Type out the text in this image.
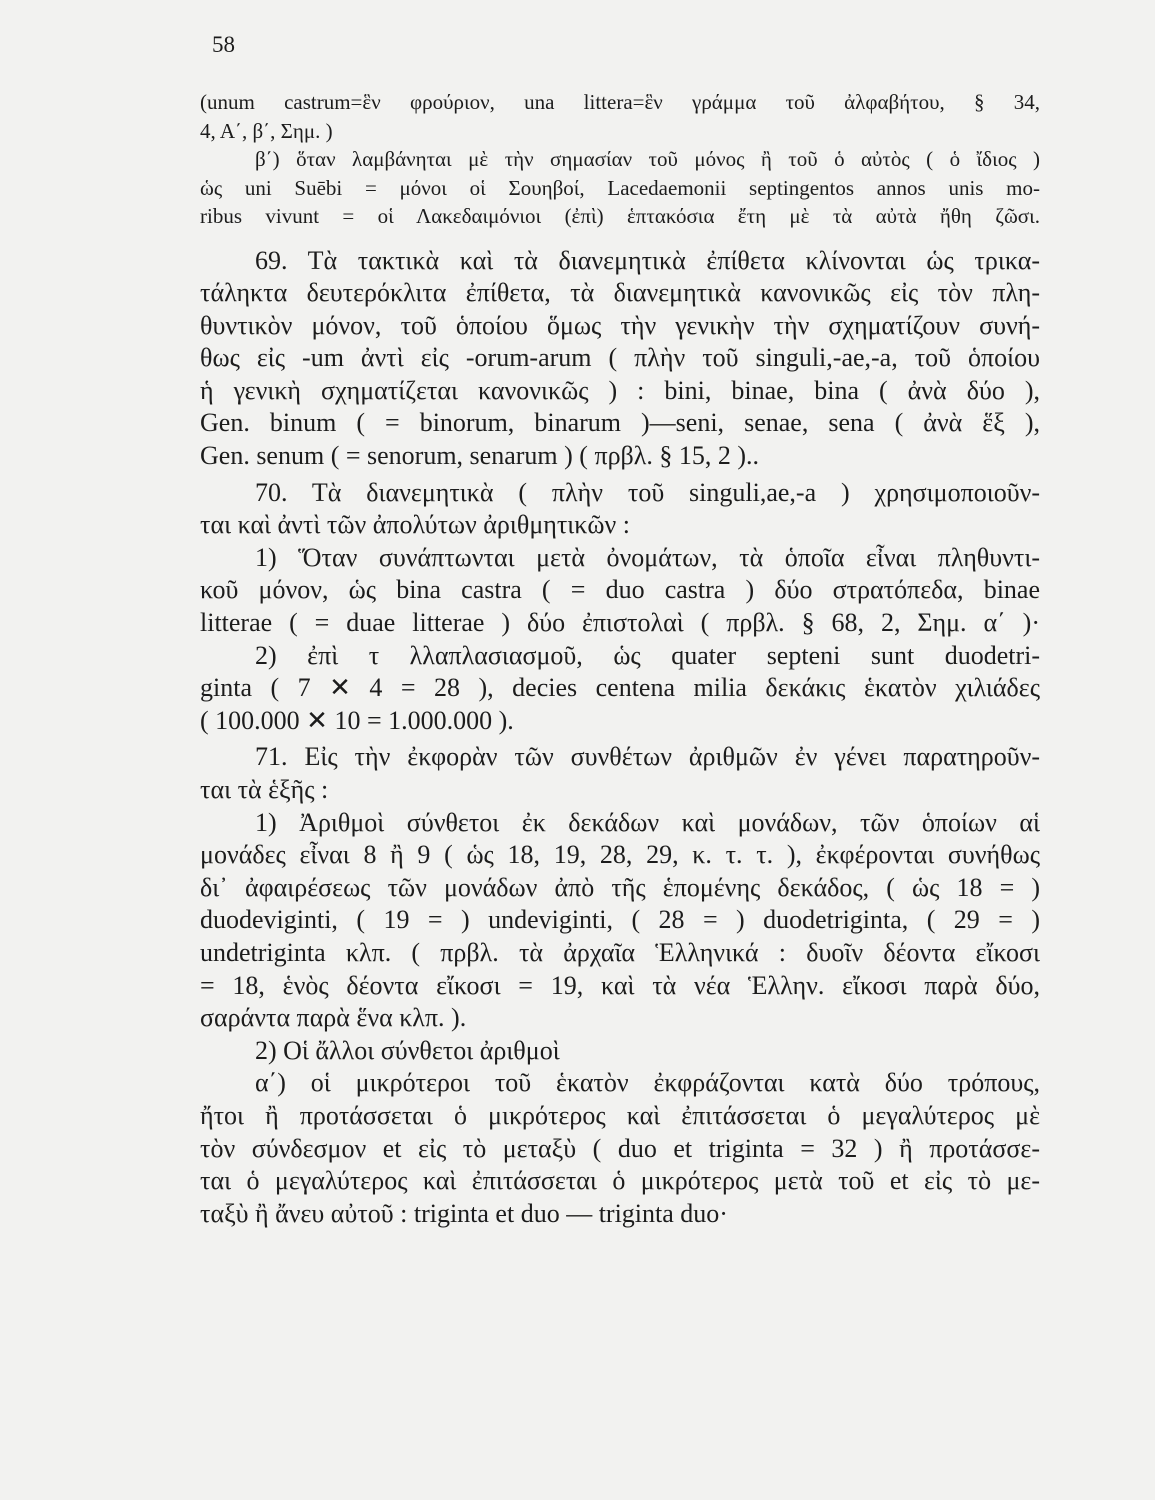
58
(unum castrum=ἓν φρούριον, una littera=ἓν γράμμα τοῦ ἀλφαβήτου, § 34,
4, Α΄, β΄, Σημ. )
β΄) ὅταν λαμβάνηται μὲ τὴν σημασίαν τοῦ μόνος ἢ τοῦ ὁ αὐτὸς ( ὁ ἴδιος )
ὡς uni Suēbi = μόνοι οἱ Σουηβοί, Lacedaemonii septingentos annos unis mo-
ribus vivunt = οἱ Λακεδαιμόνιοι (ἐπὶ) ἑπτακόσια ἔτη μὲ τὰ αὐτὰ ἤθη ζῶσι.
69. Τὰ τακτικὰ καὶ τὰ διανεμητικὰ ἐπίθετα κλίνονται ὡς τρικα-
τάληκτα δευτερόκλιτα ἐπίθετα, τὰ διανεμητικὰ κανονικῶς εἰς τὸν πλη-
θυντικὸν μόνον, τοῦ ὁποίου ὅμως τὴν γενικὴν τὴν σχηματίζουν συνή-
θως εἰς -um ἀντὶ εἰς -orum-arum ( πλὴν τοῦ singuli,-ae,-a, τοῦ ὁποίου
ἡ γενικὴ σχηματίζεται κανονικῶς ) : bini, binae, bina ( ἀνὰ δύο ),
Gen. binum ( = binorum, binarum )—seni, senae, sena ( ἀνὰ ἕξ ),
Gen. senum ( = senorum, senarum ) ( πρβλ. § 15, 2 )..
70. Τὰ διανεμητικὰ ( πλὴν τοῦ singuli,ae,-a ) χρησιμοποιοῦν-
ται καὶ ἀντὶ τῶν ἀπολύτων ἀριθμητικῶν :
1) Ὅταν συνάπτωνται μετὰ ὀνομάτων, τὰ ὁποῖα εἶναι πληθυντι-
κοῦ μόνον, ὡς bina castra ( = duo castra ) δύο στρατόπεδα, binae
litterae ( = duae litterae ) δύο ἐπιστολαὶ ( πρβλ. § 68, 2, Σημ. α΄ )·
2) ἐπὶ τ λλαπλασιασμοῦ, ὡς quater septeni sunt duodetri-
ginta ( 7 ✕ 4 = 28 ), decies centena milia δεκάκις ἑκατὸν χιλιάδες
( 100.000 ✕ 10 = 1.000.000 ).
71. Εἰς τὴν ἐκφορὰν τῶν συνθέτων ἀριθμῶν ἐν γένει παρατηροῦν-
ται τὰ ἑξῆς :
1) Ἀριθμοὶ σύνθετοι ἐκ δεκάδων καὶ μονάδων, τῶν ὁποίων αἱ
μονάδες εἶναι 8 ἢ 9 ( ὡς 18, 19, 28, 29, κ. τ. τ. ), ἐκφέρονται συνήθως
δι᾽ ἀφαιρέσεως τῶν μονάδων ἀπὸ τῆς ἑπομένης δεκάδος, ( ὡς 18 = )
duodeviginti, ( 19 = ) undeviginti, ( 28 = ) duodetriginta, ( 29 = )
undetriginta κλπ. ( πρβλ. τὰ ἀρχαῖα Ἑλληνικά : δυοῖν δέοντα εἴκοσι
= 18, ἑνὸς δέοντα εἴκοσι = 19, καὶ τὰ νέα Ἑλλην. εἴκοσι παρὰ δύο,
σαράντα παρὰ ἕνα κλπ. ).
2) Οἱ ἄλλοι σύνθετοι ἀριθμοὶ
α΄) οἱ μικρότεροι τοῦ ἑκατὸν ἐκφράζονται κατὰ δύο τρόπους,
ἤτοι ἢ προτάσσεται ὁ μικρότερος καὶ ἐπιτάσσεται ὁ μεγαλύτερος μὲ
τὸν σύνδεσμον et εἰς τὸ μεταξὺ ( duo et triginta = 32 ) ἢ προτάσσε-
ται ὁ μεγαλύτερος καὶ ἐπιτάσσεται ὁ μικρότερος μετὰ τοῦ et εἰς τὸ με-
ταξὺ ἢ ἄνευ αὐτοῦ : triginta et duo — triginta duo·
